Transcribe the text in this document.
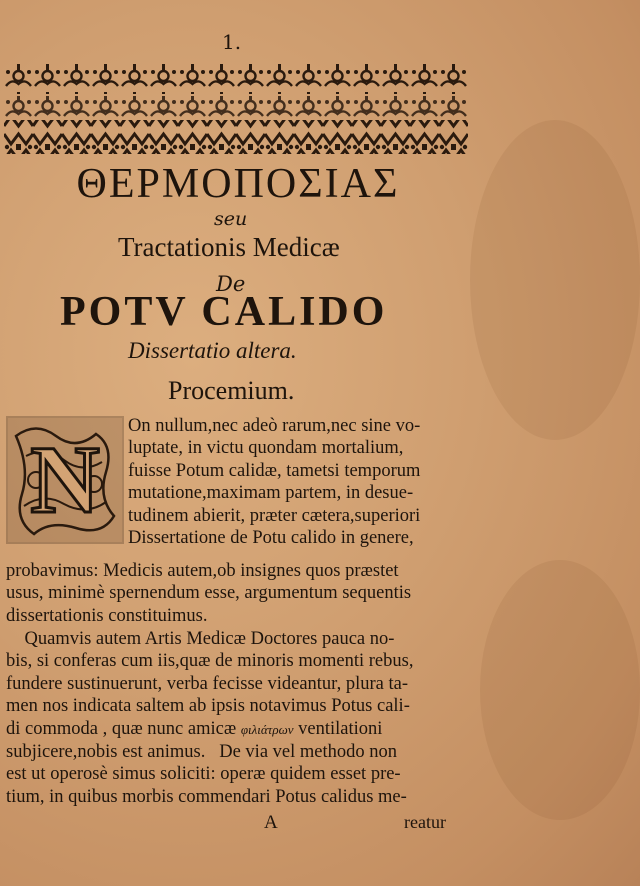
1.
ΘΕΡΜΟΠΟΣΙΑΣ
seu
Tractationis Medicæ
De
POTV CALIDO
Dissertatio altera.
Procemium.
N On nullum,nec adeò rarum,nec sine vo-
luptate, in victu quondam mortalium,
fuisse Potum calidæ, tametsi temporum
mutatione,maximam partem, in desue-
tudinem abierit, præter cætera,superiori
Dissertatione de Potu calido in genere,
probavimus: Medicis autem,ob insignes quos præstet
usus, minimè spernendum esse, argumentum sequentis
dissertationis constituimus.
Quamvis autem Artis Medicæ Doctores pauca no-
bis, si conferas cum iis,quæ de minoris momenti rebus,
fundere sustinuerunt, verba fecisse videantur, plura ta-
men nos indicata saltem ab ipsis notavimus Potus cali-
di commoda , quæ nunc amicæ φιλιάτρων ventilationi
subjicere,nobis est animus.   De via vel methodo non
est ut operosè simus soliciti: operæ quidem esset pre-
tium, in quibus morbis commendari Potus calidus me-
A	reatur
